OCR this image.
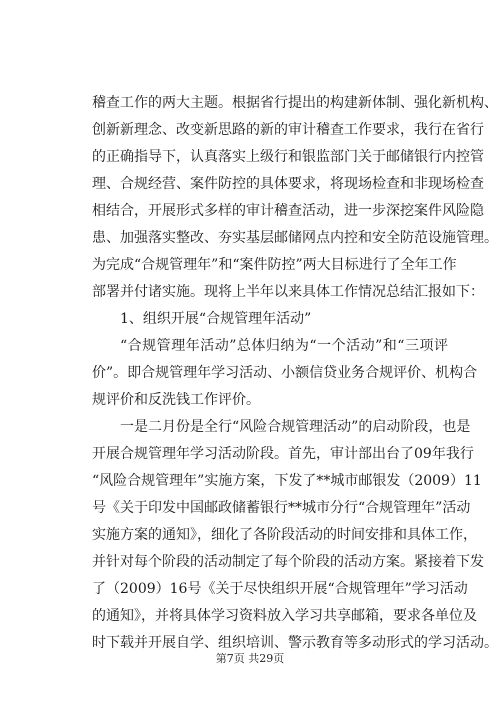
稽查工作的两大主题。根据省行提出的构建新体制、强化新机构、
创新新理念、改变新思路的新的审计稽查工作要求，我行在省行
的正确指导下，认真落实上级行和银监部门关于邮储银行内控管
理、合规经营、案件防控的具体要求，将现场检查和非现场检查
相结合，开展形式多样的审计稽查活动，进一步深挖案件风险隐
患、加强落实整改、夯实基层邮储网点内控和安全防范设施管理。
为完成“合规管理年”和“案件防控”两大目标进行了全年工作
部署并付诸实施。现将上半年以来具体工作情况总结汇报如下：
1、组织开展“合规管理年活动”
“合规管理年活动”总体归纳为“一个活动”和“三项评
价”。即合规管理年学习活动、小额信贷业务合规评价、机构合
规评价和反洗钱工作评价。
一是二月份是全行“风险合规管理活动”的启动阶段，也是
开展合规管理年学习活动阶段。首先，审计部出台了09年我行
“风险合规管理年”实施方案，下发了**城市邮银发（2009）11
号《关于印发中国邮政储蓄银行**城市分行“合规管理年”活动
实施方案的通知》，细化了各阶段活动的时间安排和具体工作，
并针对每个阶段的活动制定了每个阶段的活动方案。紧接着下发
了（2009）16号《关于尽快组织开展“合规管理年”学习活动
的通知》，并将具体学习资料放入学习共享邮箱，要求各单位及
时下载并开展自学、组织培训、警示教育等多动形式的学习活动。
第7页 共29页
